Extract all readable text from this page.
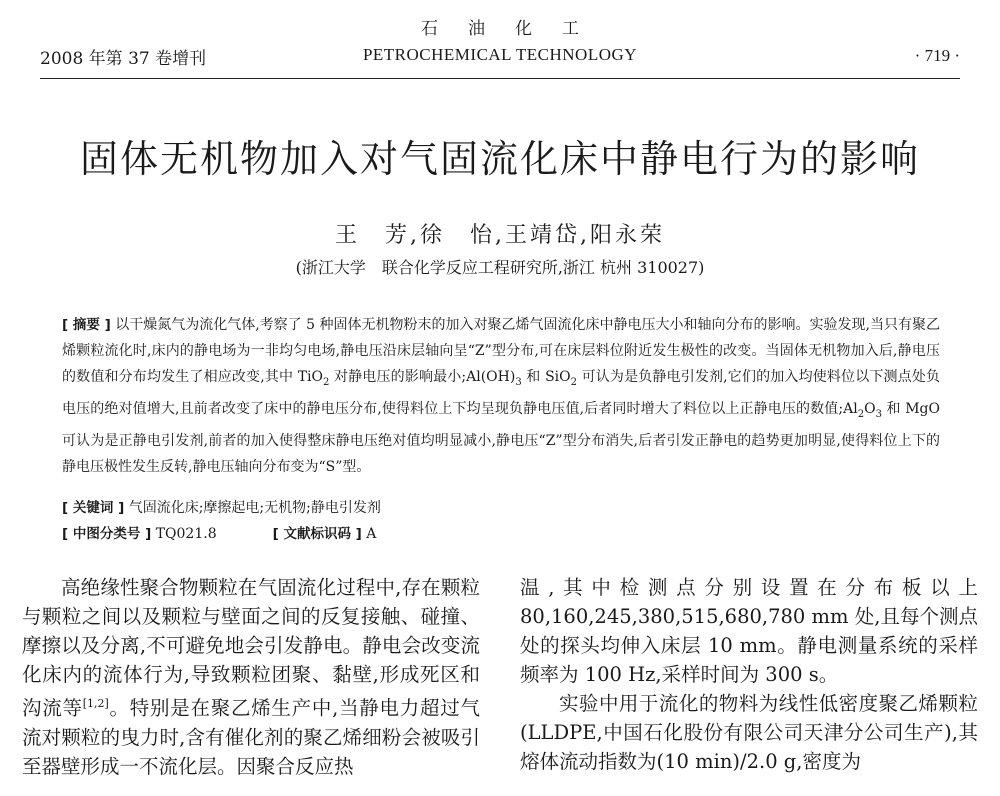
2008 年第 37 卷增刊
石油化工
PETROCHEMICAL TECHNOLOGY	· 719 ·
固体无机物加入对气固流化床中静电行为的影响
王　芳,徐　怡,王靖岱,阳永荣
(浙江大学　联合化学反应工程研究所,浙江 杭州 310027)
[ 摘要 ] 以干燥氮气为流化气体,考察了 5 种固体无机物粉末的加入对聚乙烯气固流化床中静电压大小和轴向分布的影响。实验发现,当只有聚乙烯颗粒流化时,床内的静电场为一非均匀电场,静电压沿床层轴向呈“Z”型分布,可在床层料位附近发生极性的改变。当固体无机物加入后,静电压的数值和分布均发生了相应改变,其中 TiO$_2$ 对静电压的影响最小$;Al(OH)_3$ 和 SiO$_2$ 可认为是负静电引发剂,它们的加入均使料位以下测点处负电压的绝对值增大,且前者改变了床中的静电压分布,使得料位上下均呈现负静电压值,后者同时增大了料位以上正静电压的数值$;Al_2O_3$ 和 MgO 可认为是正静电引发剂,前者的加入使得整床静电压绝对值均明显减小,静电压“Z”型分布消失,后者引发正静电的趋势更加明显,使得料位上下的静电压极性发生反转,静电压轴向分布变为“S”型。
[ 关键词 ] 气固流化床;摩擦起电;无机物;静电引发剂
[ 中图分类号 ] TQ021.8	[ 文献标识码 ] A

高绝缘性聚合物颗粒在气固流化过程中,存在颗粒与颗粒之间以及颗粒与壁面之间的反复接触、碰撞、摩擦以及分离,不可避免地会引发静电。静电会改变流化床内的流体行为,导致颗粒团聚、黏壁,形成死区和沟流等[1,2]。特别是在聚乙烯生产中,当静电力超过气流对颗粒的曳力时,含有催化剂的聚乙烯细粉会被吸引至器壁形成一不流化层。因聚合反应热

温,其中检测点分别设置在分布板以上 80,160,245,380,515,680,780 mm 处,且每个测点处的探头均伸入床层 10 mm。静电测量系统的采样频率为 100 Hz,采样时间为 300 s。

实验中用于流化的物料为线性低密度聚乙烯颗粒(LLDPE,中国石化股份有限公司天津分公司生产),其熔体流动指数为(10 min)/2.0 g,密度为
